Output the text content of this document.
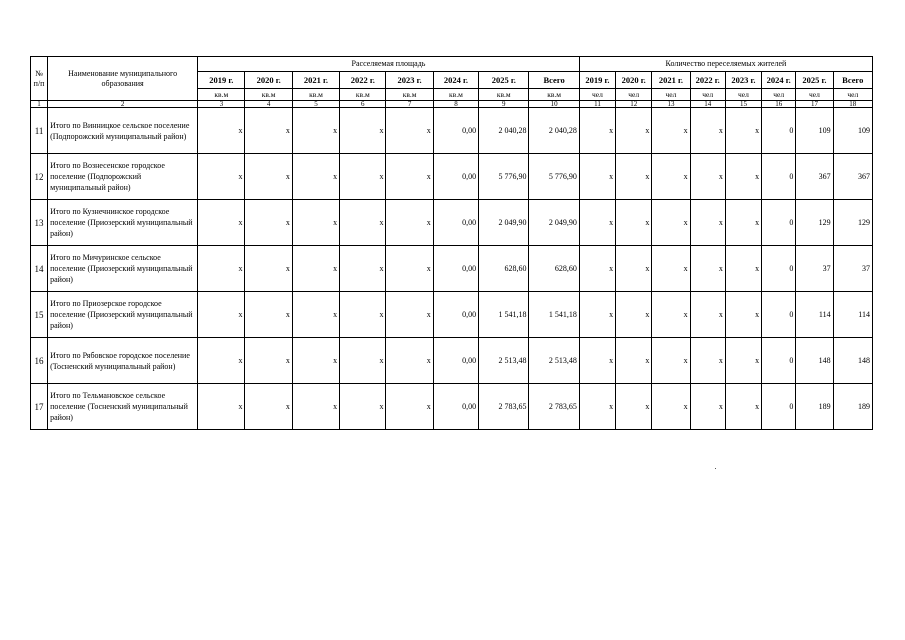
№ п/п	Наименование муниципального образования	Расселяемая площадь								Количество переселяемых жителей							
		2019 г.	2020 г.	2021 г.	2022 г.	2023 г.	2024 г.	2025 г.	Всего	2019 г.	2020 г.	2021 г.	2022 г.	2023 г.	2024 г.	2025 г.	Всего
		кв.м	кв.м	кв.м	кв.м	кв.м	кв.м	кв.м	кв.м	чел	чел	чел	чел	чел	чел	чел	чел
1	2	3	4	5	6	7	8	9	10	11	12	13	14	15	16	17	18
11	Итого по Винницкое сельское поселение (Подпорожский муниципальный район)	x	x	x	x	x	0,00	2 040,28	2 040,28	x	x	x	x	x	0	109	109
12	Итого по Вознесенское городское поселение (Подпорожский муниципальный район)	x	x	x	x	x	0,00	5 776,90	5 776,90	x	x	x	x	x	0	367	367
13	Итого по Кузнечнинское городское поселение (Приозерский муниципальный район)	x	x	x	x	x	0,00	2 049,90	2 049,90	x	x	x	x	x	0	129	129
14	Итого по Мичуринское сельское поселение (Приозерский муниципальный район)	x	x	x	x	x	0,00	628,60	628,60	x	x	x	x	x	0	37	37
15	Итого по Приозерское городское поселение (Приозерский муниципальный район)	x	x	x	x	x	0,00	1 541,18	1 541,18	x	x	x	x	x	0	114	114
16	Итого по Рябовское городское поселение (Тосненский муниципальный район)	x	x	x	x	x	0,00	2 513,48	2 513,48	x	x	x	x	x	0	148	148
17	Итого по Тельмановское сельское поселение (Тосненский муниципальный район)	x	x	x	x	x	0,00	2 783,65	2 783,65	x	x	x	x	x	0	189	189
